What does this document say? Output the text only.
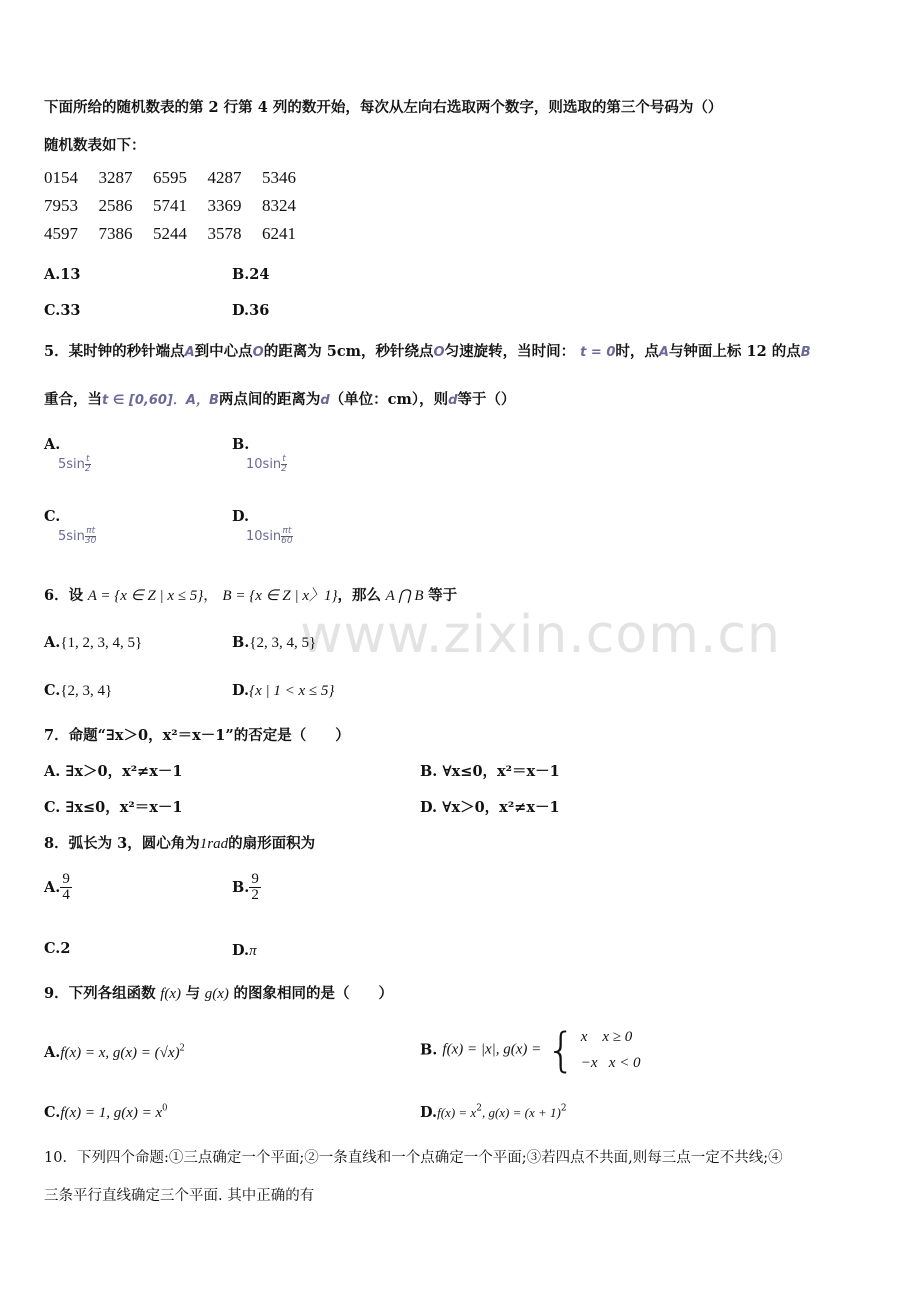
www.zixin.com.cn
下面所给的随机数表的第 2 行第 4 列的数开始，每次从左向右选取两个数字，则选取的第三个号码为（）
随机数表如下：
0154 3287 6595 4287 5346
7953 2586 5741 3369 8324
4597 7386 5244 3578 6241
A.13	B.24
C.33	D.36
5．某时钟的秒针端点A到中心点O的距离为 5cm，秒针绕点O匀速旋转，当时间： t = 0时，点A与钟面上标 12 的点B
重合，当t ∈ [0,60]．A，B两点间的距离为d（单位：cm），则d等于（）
A.
$5\sin \frac{t}{2}$
B.
$10\sin \frac{t}{2}$
C.
$5\sin \frac{\pi t}{30}$
D.
$10\sin \frac{\pi t}{60}$
6．设 A = {x ∈ Z | x ≤ 5}， B = {x ∈ Z | x〉1}，那么 A ⋂ B 等于
A.{1, 2, 3, 4, 5}	B.{2, 3, 4, 5}
C.{2, 3, 4}	D.{x | 1 < x ≤ 5}
7．命题“∃x＞0，x²＝x－1”的否定是（　　）
A. ∃x＞0，x²≠x－1	B. ∀x≤0，x²＝x－1
C. ∃x≤0，x²＝x－1	D. ∀x＞0，x²≠x－1
8．弧长为 3，圆心角为1rad的扇形面积为
A. $\frac{9}{4}$	B. $\frac{9}{2}$
C.2	D.π
9．下列各组函数 f(x) 与 g(x) 的图象相同的是（　　）
A.f(x) = x, $g(x) = (√x)^2$	B. f(x) = |x|, g(x) = { x    x ≥ 0
−x   x < 0
C.f(x) = 1, $g(x) = x^0$	$D.f(x) = x^2$, $g(x) = (x + 1)^2$
10．下列四个命题:①三点确定一个平面;②一条直线和一个点确定一个平面;③若四点不共面,则每三点一定不共线;④
三条平行直线确定三个平面. 其中正确的有
